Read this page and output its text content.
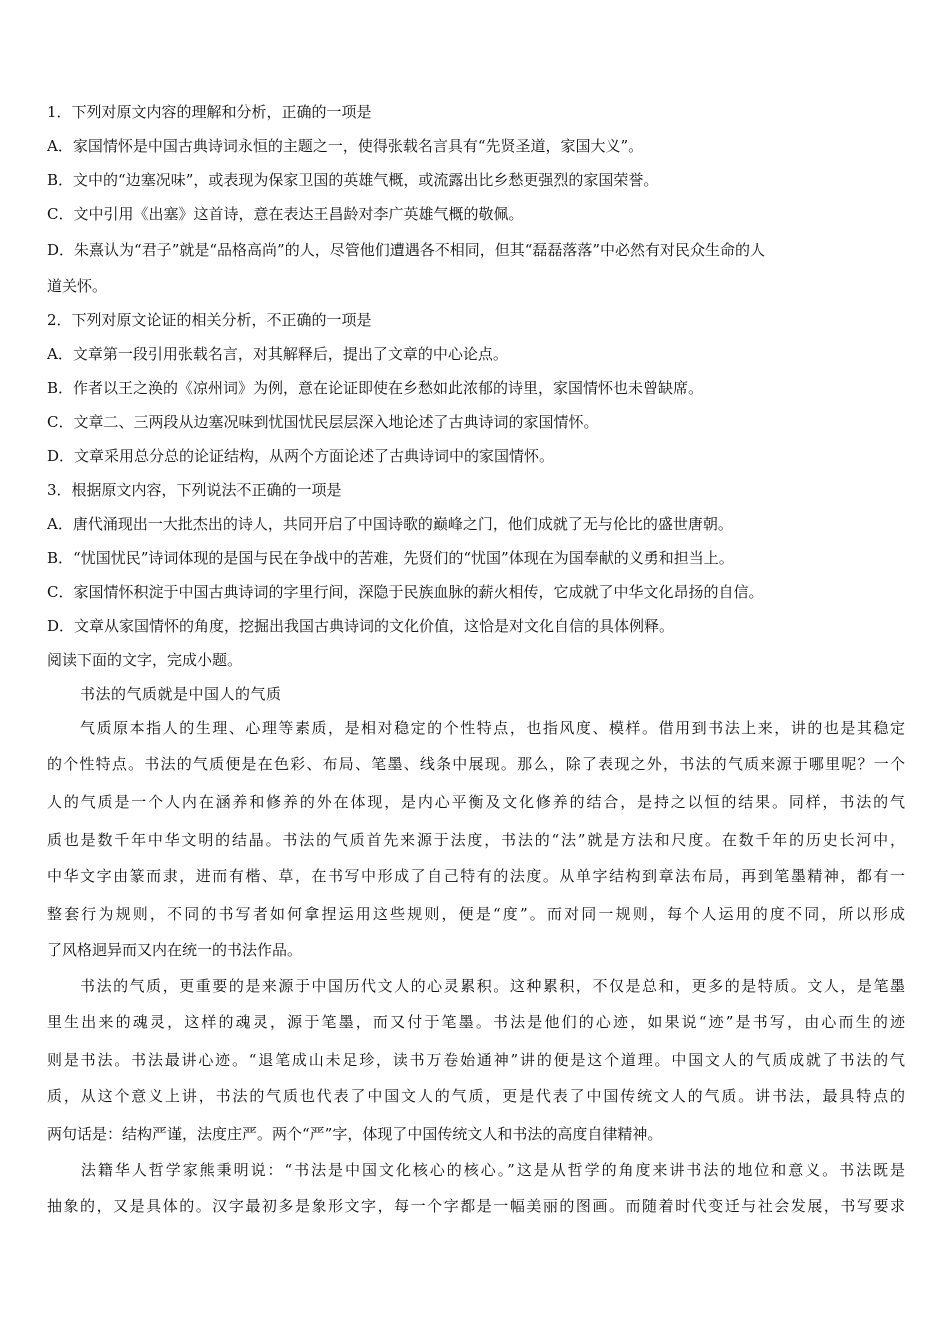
1．下列对原文内容的理解和分析，正确的一项是
A．家国情怀是中国古典诗词永恒的主题之一，使得张载名言具有“先贤圣道，家国大义”。
B．文中的“边塞况味”，或表现为保家卫国的英雄气概，或流露出比乡愁更强烈的家国荣誉。
C．文中引用《出塞》这首诗，意在表达王昌龄对李广英雄气概的敬佩。
D．朱熹认为“君子”就是“品格高尚”的人，尽管他们遭遇各不相同，但其“磊磊落落”中必然有对民众生命的人
道关怀。
2．下列对原文论证的相关分析，不正确的一项是
A．文章第一段引用张载名言，对其解释后，提出了文章的中心论点。
B．作者以王之涣的《凉州词》为例，意在论证即使在乡愁如此浓郁的诗里，家国情怀也未曾缺席。
C．文章二、三两段从边塞况味到忧国忧民层层深入地论述了古典诗词的家国情怀。
D．文章采用总分总的论证结构，从两个方面论述了古典诗词中的家国情怀。
3．根据原文内容，下列说法不正确的一项是
A．唐代涌现出一大批杰出的诗人，共同开启了中国诗歌的巅峰之门，他们成就了无与伦比的盛世唐朝。
B．“忧国忧民”诗词体现的是国与民在争战中的苦难，先贤们的“忧国”体现在为国奉献的义勇和担当上。
C．家国情怀积淀于中国古典诗词的字里行间，深隐于民族血脉的薪火相传，它成就了中华文化昂扬的自信。
D．文章从家国情怀的角度，挖掘出我国古典诗词的文化价值，这恰是对文化自信的具体例释。
阅读下面的文字，完成小题。
书法的气质就是中国人的气质
　　气质原本指人的生理、心理等素质，是相对稳定的个性特点，也指风度、模样。借用到书法上来，讲的也是其稳定
的个性特点。书法的气质便是在色彩、布局、笔墨、线条中展现。那么，除了表现之外，书法的气质来源于哪里呢？一个
人的气质是一个人内在涵养和修养的外在体现，是内心平衡及文化修养的结合，是持之以恒的结果。同样，书法的气
质也是数千年中华文明的结晶。书法的气质首先来源于法度，书法的“法”就是方法和尺度。在数千年的历史长河中，
中华文字由篆而隶，进而有楷、草，在书写中形成了自己特有的法度。从单字结构到章法布局，再到笔墨精神，都有一
整套行为规则，不同的书写者如何拿捏运用这些规则，便是“度”。而对同一规则，每个人运用的度不同，所以形成
了风格迥异而又内在统一的书法作品。
　　书法的气质，更重要的是来源于中国历代文人的心灵累积。这种累积，不仅是总和，更多的是特质。文人，是笔墨
里生出来的魂灵，这样的魂灵，源于笔墨，而又付于笔墨。书法是他们的心迹，如果说“迹”是书写，由心而生的迹
则是书法。书法最讲心迹。“退笔成山未足珍，读书万卷始通神”讲的便是这个道理。中国文人的气质成就了书法的气
质，从这个意义上讲，书法的气质也代表了中国文人的气质，更是代表了中国传统文人的气质。讲书法，最具特点的
两句话是：结构严谨，法度庄严。两个“严”字，体现了中国传统文人和书法的高度自律精神。
　　法籍华人哲学家熊秉明说：“书法是中国文化核心的核心。”这是从哲学的角度来讲书法的地位和意义。书法既是
抽象的，又是具体的。汉字最初多是象形文字，每一个字都是一幅美丽的图画。而随着时代变迁与社会发展，书写要求
